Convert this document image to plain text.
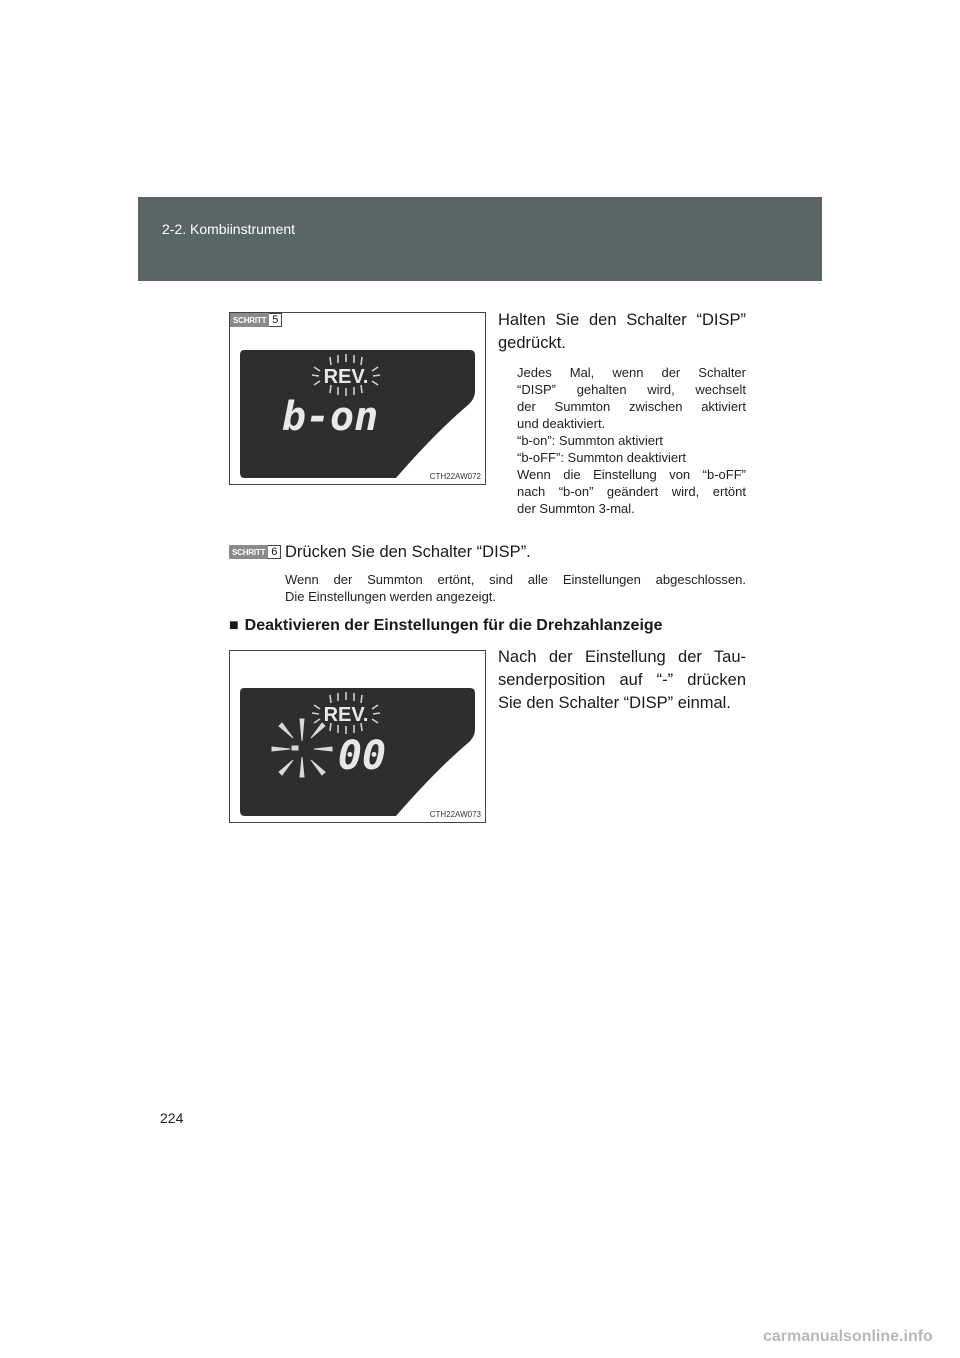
2-2. Kombiinstrument
REV.
b-on
CTH22AW072
SCHRITT 5	Halten Sie den Schalter “DISP”
gedrückt.
Jedes Mal, wenn der Schalter
“DISP” gehalten wird, wechselt
der Summton zwischen aktiviert
und deaktiviert.
“b-on”: Summton aktiviert
“b-oFF”: Summton deaktiviert
Wenn die Einstellung von “b-oFF”
nach “b-on” geändert wird, ertönt
der Summton 3-mal.
SCHRITT 6 Drücken Sie den Schalter “DISP”.
Wenn der Summton ertönt, sind alle Einstellungen abgeschlossen.
Die Einstellungen werden angezeigt.
■ Deaktivieren der Einstellungen für die Drehzahlanzeige
REV.
00
CTH22AW073
Nach der Einstellung der Tau-
senderposition auf “-” drücken
Sie den Schalter “DISP” einmal.
224
carmanualsonline.info
